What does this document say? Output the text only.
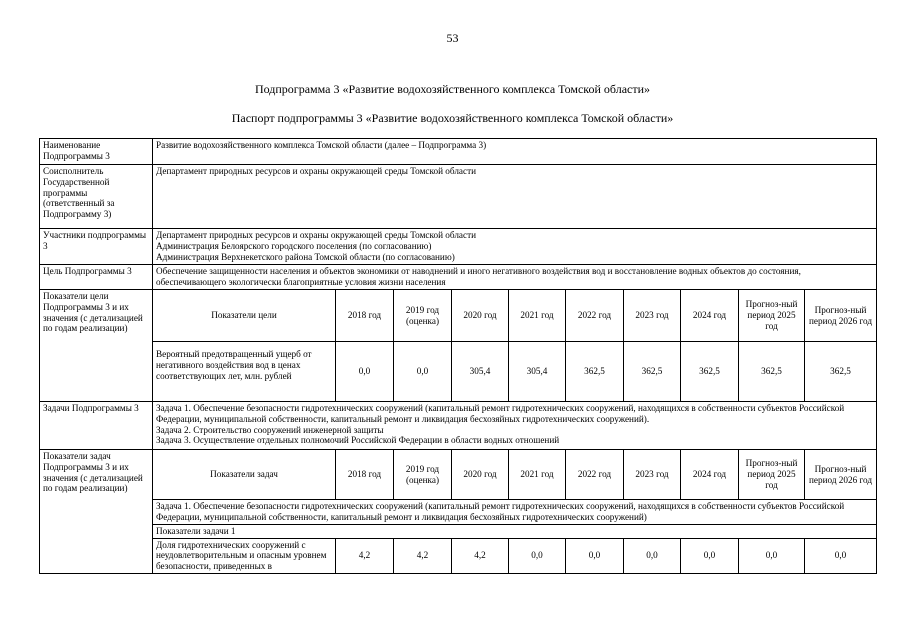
53
Подпрограмма 3 «Развитие водохозяйственного комплекса Томской области»
Паспорт подпрограммы 3 «Развитие водохозяйственного комплекса Томской области»
Наименование Подпрограммы 3	Развитие водохозяйственного комплекса Томской области (далее – Подпрограмма 3)									
Соисполнитель Государственной программы (ответственный за Подпрограмму 3)	Департамент природных ресурсов и охраны окружающей среды Томской области									
Участники подпрограммы 3	Департамент природных ресурсов и охраны окружающей среды Томской области
Администрация Белоярского городского поселения (по согласованию)
Администрация Верхнекетского района Томской области (по согласованию)									

Цель Подпрограммы 3	Обеспечение защищенности населения и объектов экономики от наводнений и иного негативного воздействия вод и восстановление водных объектов до состояния, обеспечивающего экологически благоприятные условия жизни населения									
Показатели цели Подпрограммы 3 и их значения (с детализацией по годам реализации)	Показатели цели	2018 год	2019 год (оценка)	2020 год	2021 год	2022 год	2023 год	2024 год	Прогноз-ный период 2025 год	Прогноз-ный период 2026 год
	Вероятный предотвращенный ущерб от негативного воздействия вод в ценах соответствующих лет, млн. рублей	0,0	0,0	305,4	305,4	362,5	362,5	362,5	362,5	362,5
Задачи Подпрограммы 3	Задача 1. Обеспечение безопасности гидротехнических сооружений (капитальный ремонт гидротехнических сооружений, находящихся в собственности субъектов Российской Федерации, муниципальной собственности, капитальный ремонт и ликвидация бесхозяйных гидротехнических сооружений).
Задача 2. Строительство сооружений инженерной защиты
Задача 3. Осуществление отдельных полномочий Российской Федерации в области водных отношений									

Показатели задач Подпрограммы 3 и их значения (с детализацией по годам реализации)	Показатели задач	2018 год	2019 год (оценка)	2020 год	2021 год	2022 год	2023 год	2024 год	Прогноз-ный период 2025 год	Прогноз-ный период 2026 год
	Задача 1. Обеспечение безопасности гидротехнических сооружений (капитальный ремонт гидротехнических сооружений, находящихся в собственности субъектов Российской Федерации, муниципальной собственности, капитальный ремонт и ликвидация бесхозяйных гидротехнических сооружений)									
	Показатели задачи 1									
	Доля гидротехнических сооружений с неудовлетворительным и опасным уровнем безопасности, приведенных в	4,2	4,2	4,2	0,0	0,0	0,0	0,0	0,0	0,0
